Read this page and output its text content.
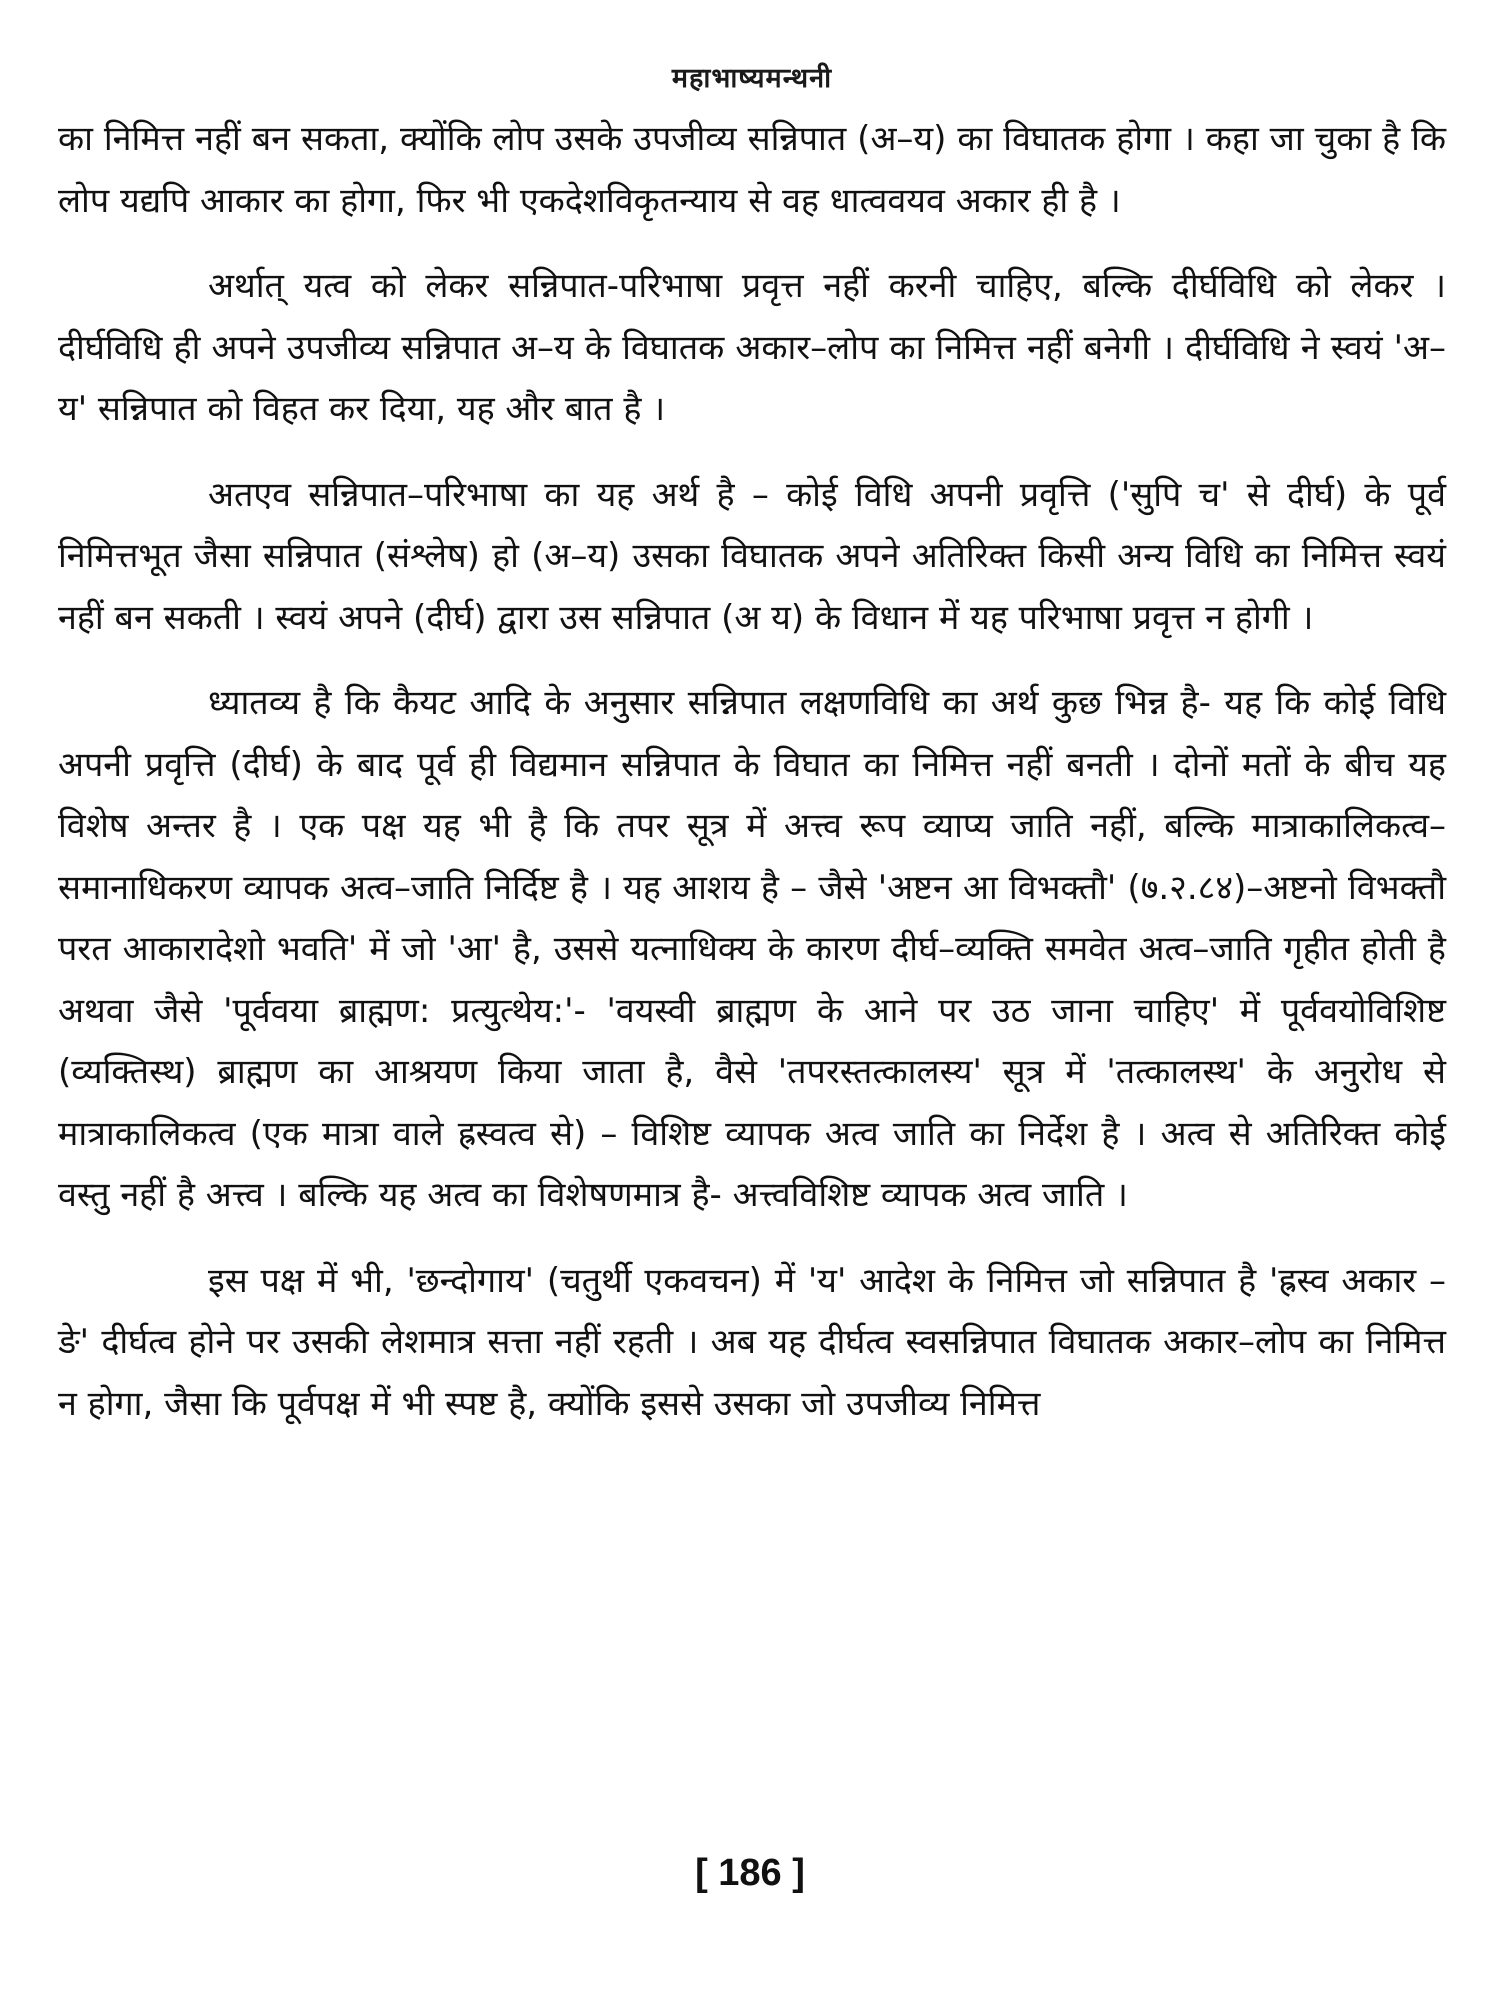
महाभाष्यमन्थनी

का निमित्त नहीं बन सकता, क्योंकि लोप उसके उपजीव्य सन्निपात (अ–य) का विघातक होगा । कहा जा चुका है कि लोप यद्यपि आकार का होगा, फिर भी एकदेशविकृतन्याय से वह धात्ववयव अकार ही है ।

अर्थात् यत्व को लेकर सन्निपात-परिभाषा प्रवृत्त नहीं करनी चाहिए, बल्कि दीर्घविधि को लेकर । दीर्घविधि ही अपने उपजीव्य सन्निपात अ–य के विघातक अकार–लोप का निमित्त नहीं बनेगी । दीर्घविधि ने स्वयं 'अ–य' सन्निपात को विहत कर दिया, यह और बात है ।

अतएव सन्निपात–परिभाषा का यह अर्थ है – कोई विधि अपनी प्रवृत्ति ('सुपि च' से दीर्घ) के पूर्व निमित्तभूत जैसा सन्निपात (संश्लेष) हो (अ–य) उसका विघातक अपने अतिरिक्त किसी अन्य विधि का निमित्त स्वयं नहीं बन सकती । स्वयं अपने (दीर्घ) द्वारा उस सन्निपात (अ य) के विधान में यह परिभाषा प्रवृत्त न होगी ।

ध्यातव्य है कि कैयट आदि के अनुसार सन्निपात लक्षणविधि का अर्थ कुछ भिन्न है- यह कि कोई विधि अपनी प्रवृत्ति (दीर्घ) के बाद पूर्व ही विद्यमान सन्निपात के विघात का निमित्त नहीं बनती । दोनों मतों के बीच यह विशेष अन्तर है । एक पक्ष यह भी है कि तपर सूत्र में अत्त्व रूप व्याप्य जाति नहीं, बल्कि मात्राकालिकत्व–समानाधिकरण व्यापक अत्व–जाति निर्दिष्ट है । यह आशय है – जैसे 'अष्टन आ विभक्तौ' (७.२.८४)–अष्टनो विभक्तौ परत आकारादेशो भवति' में जो 'आ' है, उससे यत्नाधिक्य के कारण दीर्घ–व्यक्ति समवेत अत्व–जाति गृहीत होती है अथवा जैसे 'पूर्ववया ब्राह्मण: प्रत्युत्थेय:'- 'वयस्वी ब्राह्मण के आने पर उठ जाना चाहिए' में पूर्ववयोविशिष्ट (व्यक्तिस्थ) ब्राह्मण का आश्रयण किया जाता है, वैसे 'तपरस्तत्कालस्य' सूत्र में 'तत्कालस्थ' के अनुरोध से मात्राकालिकत्व (एक मात्रा वाले ह्रस्वत्व से) – विशिष्ट व्यापक अत्व जाति का निर्देश है । अत्व से अतिरिक्त कोई वस्तु नहीं है अत्त्व । बल्कि यह अत्व का विशेषणमात्र है- अत्त्वविशिष्ट व्यापक अत्व जाति ।

इस पक्ष में भी, 'छन्दोगाय' (चतुर्थी एकवचन) में 'य' आदेश के निमित्त जो सन्निपात है 'ह्रस्व अकार – ङे' दीर्घत्व होने पर उसकी लेशमात्र सत्ता नहीं रहती । अब यह दीर्घत्व स्वसन्निपात विघातक अकार–लोप का निमित्त न होगा, जैसा कि पूर्वपक्ष में भी स्पष्ट है, क्योंकि इससे उसका जो उपजीव्य निमित्त

[ 186 ]
